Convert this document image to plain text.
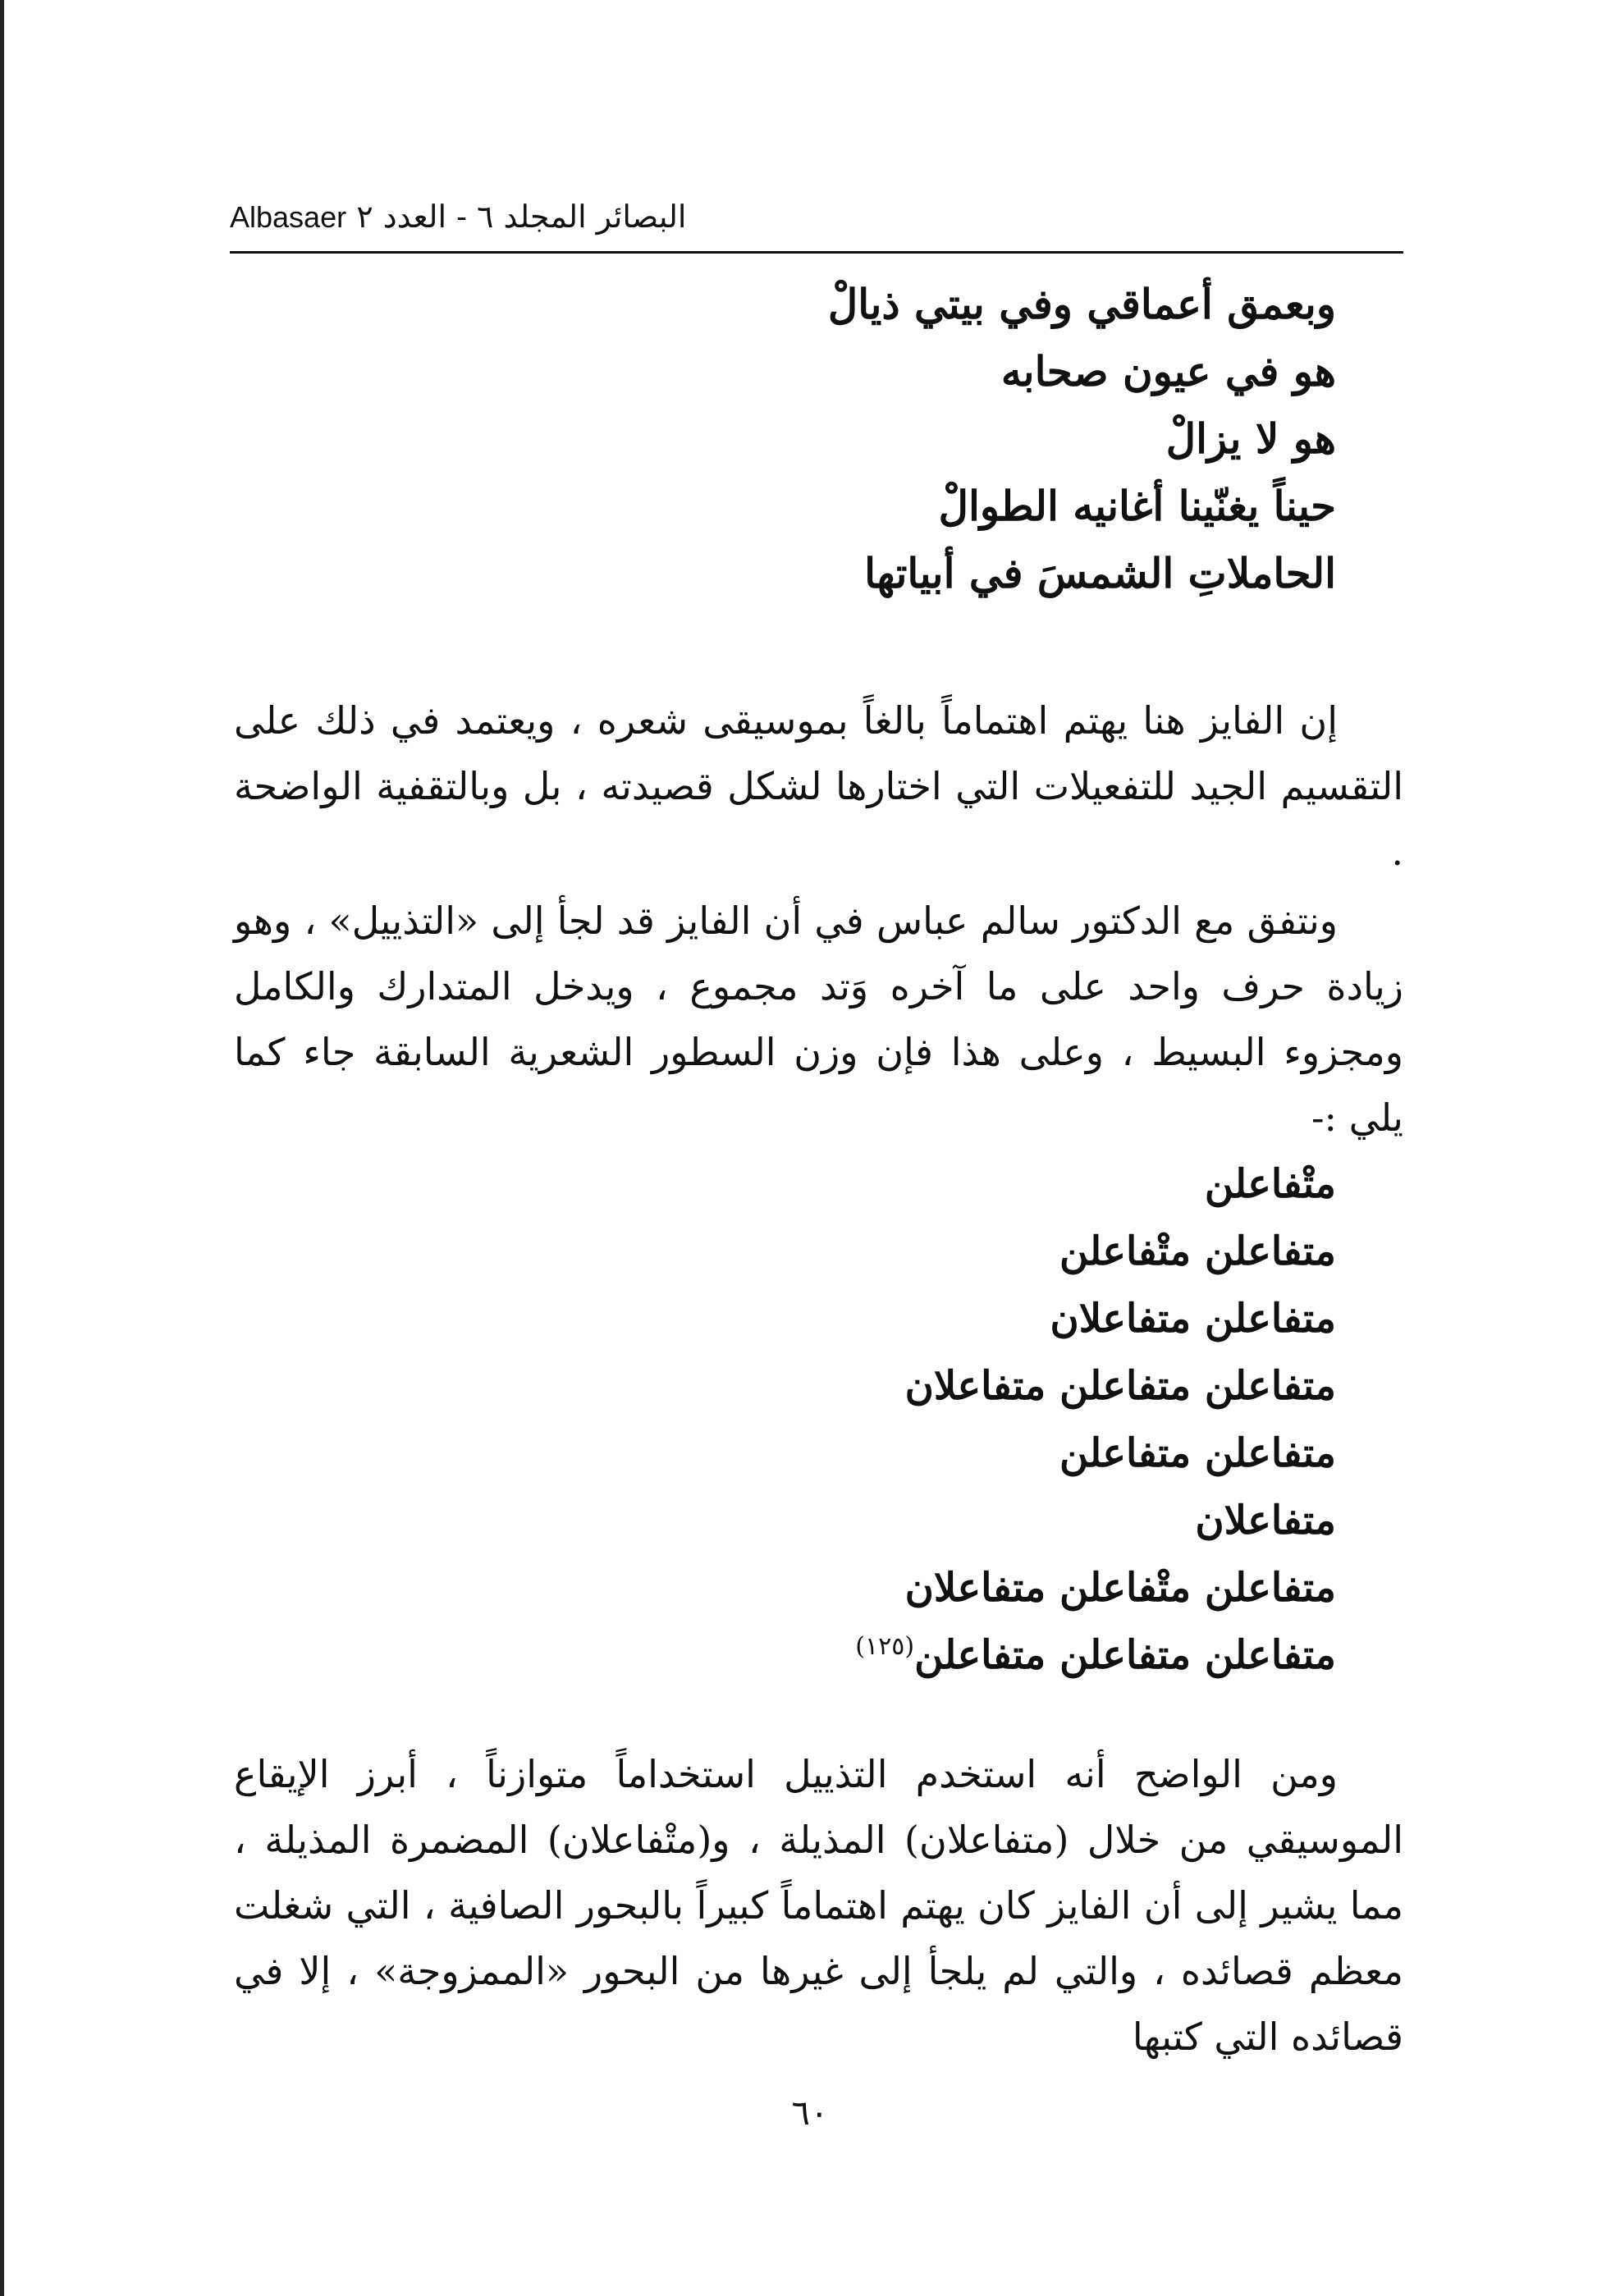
Albasaer البصائر المجلد ٦ - العدد ٢
وبعمق أعماقي وفي بيتي ذيالْ
هو في عيون صحابه
هو لا يزالْ
حيناً يغنّينا أغانيه الطوالْ
الحاملاتِ الشمسَ في أبياتها

إن الفايز هنا يهتم اهتماماً بالغاً بموسيقى شعره ، ويعتمد في ذلك على التقسيم الجيد للتفعيلات التي اختارها لشكل قصيدته ، بل وبالتقفية الواضحة .

ونتفق مع الدكتور سالم عباس في أن الفايز قد لجأ إلى «التذييل» ، وهو زيادة حرف واحد على ما آخره وَتد مجموع ، ويدخل المتدارك والكامل ومجزوء البسيط ، وعلى هذا فإن وزن السطور الشعرية السابقة جاء كما يلي :-

متْفاعلن
متفاعلن متْفاعلن
متفاعلن متفاعلان
متفاعلن متفاعلن متفاعلان
متفاعلن متفاعلن
متفاعلان
متفاعلن متْفاعلن متفاعلان
متفاعلن متفاعلن متفاعلن$^{(١٢٥)}$

ومن الواضح أنه استخدم التذييل استخداماً متوازناً ، أبرز الإيقاع الموسيقي من خلال (متفاعلان) المذيلة ، و(متْفاعلان) المضمرة المذيلة ، مما يشير إلى أن الفايز كان يهتم اهتماماً كبيراً بالبحور الصافية ، التي شغلت معظم قصائده ، والتي لم يلجأ إلى غيرها من البحور «الممزوجة» ، إلا في قصائده التي كتبها

٦٠
